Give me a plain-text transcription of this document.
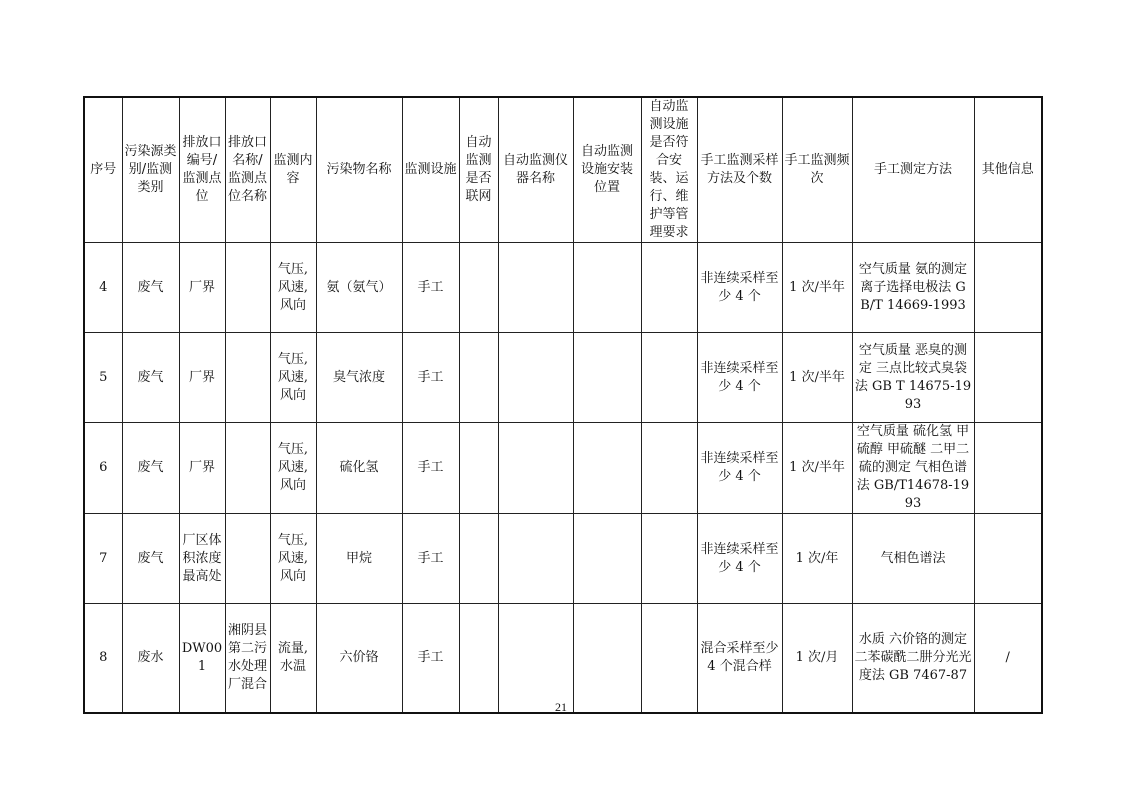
序号	污染源类别/监测类别	排放口编号/监测点位	排放口名称/监测点位名称	监测内容	污染物名称	监测设施	自动监测是否联网	自动监测仪器名称	自动监测设施安装位置	自动监测设施是否符合安装、运行、维护等管理要求	手工监测采样方法及个数	手工监测频次	手工测定方法	其他信息
4	废气	厂界		气压,风速,风向	氨（氨气）	手工					非连续采样至少 4 个	1 次/半年	空气质量 氨的测定 离子选择电极法 GB/T 14669-1993	
5	废气	厂界		气压,风速,风向	臭气浓度	手工					非连续采样至少 4 个	1 次/半年	空气质量 恶臭的测定 三点比较式臭袋法 GB T 14675-1993	
6	废气	厂界		气压,风速,风向	硫化氢	手工					非连续采样至少 4 个	1 次/半年	空气质量 硫化氢 甲硫醇 甲硫醚 二甲二硫的测定 气相色谱法 GB/T14678-1993	
7	废气	厂区体积浓度最高处		气压,风速,风向	甲烷	手工					非连续采样至少 4 个	1 次/年	气相色谱法	
8	废水	DW001	湘阴县第二污水处理厂混合	流量,水温	六价铬	手工					混合采样至少 4 个混合样	1 次/月	水质 六价铬的测定 二苯碳酰二肼分光光度法 GB 7467-87	/
21
